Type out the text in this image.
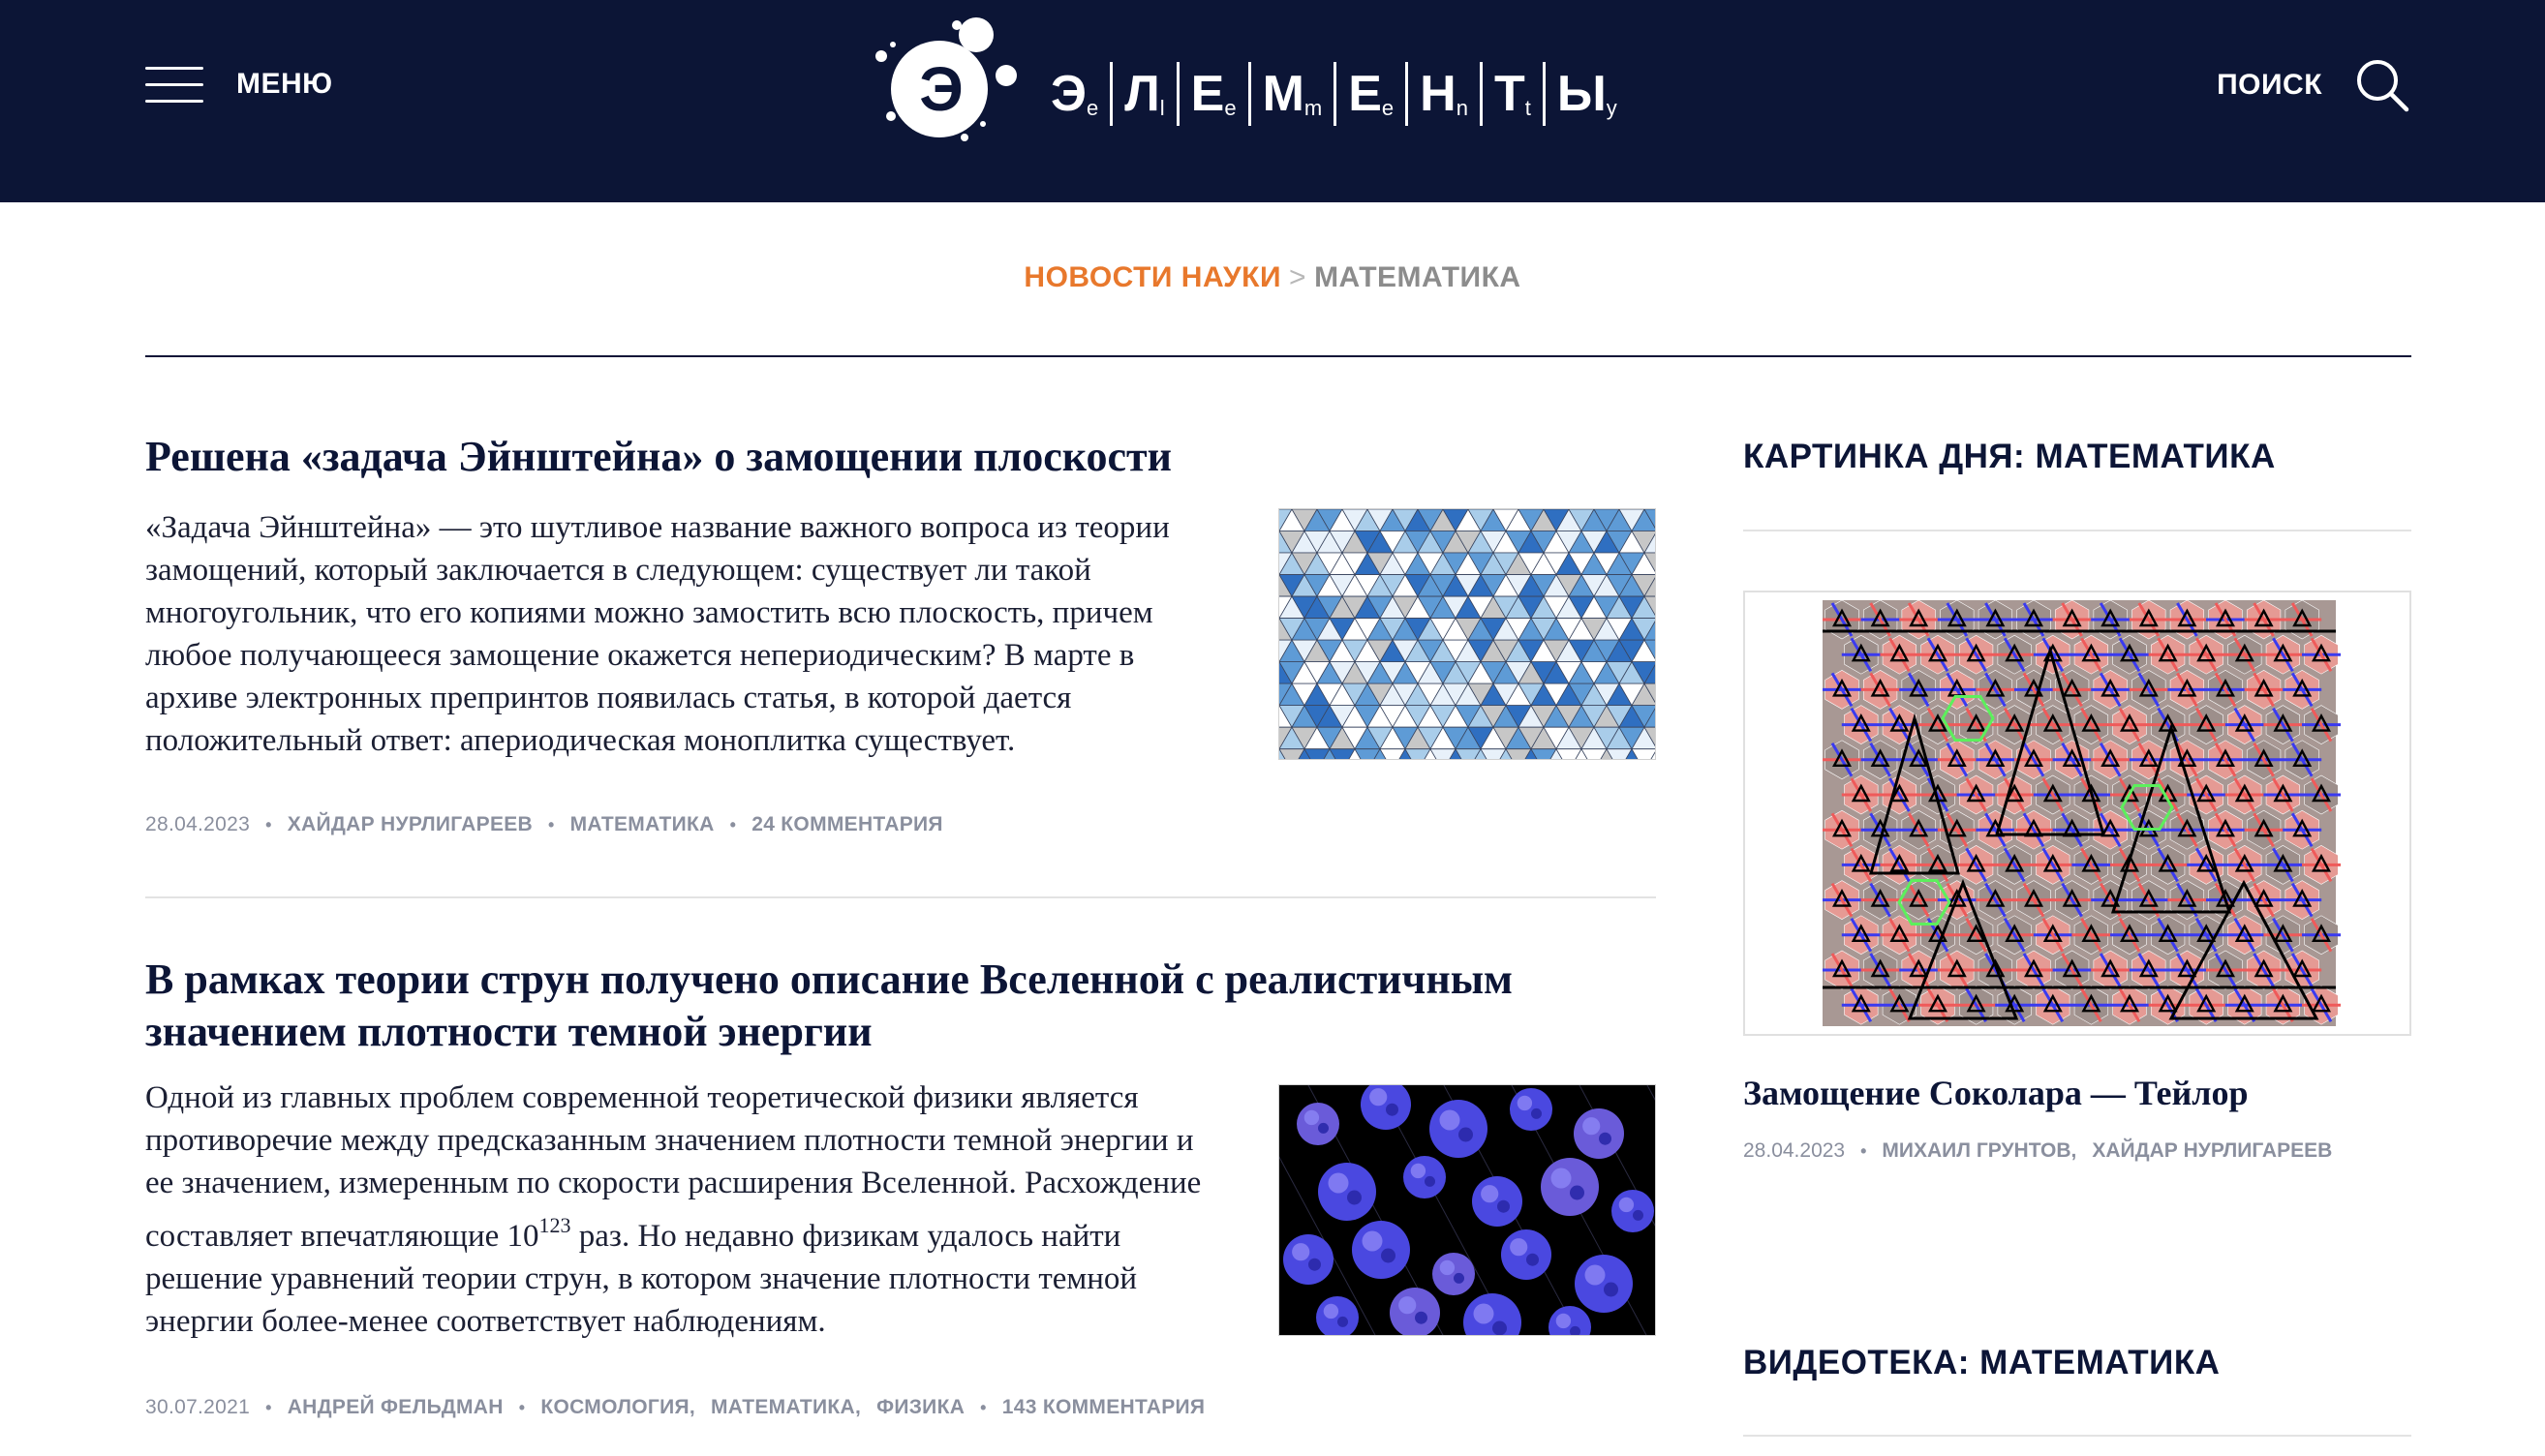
МЕНЮ	Э Э e Л l Е e М m Е e Н n Т t Ы y
ПОИСК
НОВОСТИ НАУКИ > МАТЕМАТИКА
Решена «задача Эйнштейна» о замощении плоскости

«Задача Эйнштейна» — это шутливое название важного вопроса из теории замощений, который заключается в следующем: существует ли такой многоугольник, что его копиями можно замостить всю плоскость, причем любое получающееся замощение окажется непериодическим? В марте в архиве электронных препринтов появилась статья, в которой дается положительный ответ: апериодическая моноплитка существует.

28.04.2023 • ХАЙДАР НУРЛИГАРЕЕВ • МАТЕМАТИКА • 24 КОММЕНТАРИЯ
В рамках теории струн получено описание Вселенной с реалистичным значением плотности темной энергии

Одной из главных проблем современной теоретической физики является противоречие между предсказанным значением плотности темной энергии и ее значением, измеренным по скорости расширения Вселенной. Расхождение составляет впечатляющие $10^{123}$ раз. Но недавно физикам удалось найти решение уравнений теории струн, в котором значение плотности темной энергии более-менее соответствует наблюдениям.

30.07.2021 • АНДРЕЙ ФЕЛЬДМАН • КОСМОЛОГИЯ , МАТЕМАТИКА , ФИЗИКА • 143 КОММЕНТАРИЯ
КАРТИНКА ДНЯ: МАТЕМАТИКА
Замощение Соколара — Тейлор
28.04.2023 • МИХАИЛ ГРУНТОВ , ХАЙДАР НУРЛИГАРЕЕВ
ВИДЕОТЕКА: МАТЕМАТИКА
